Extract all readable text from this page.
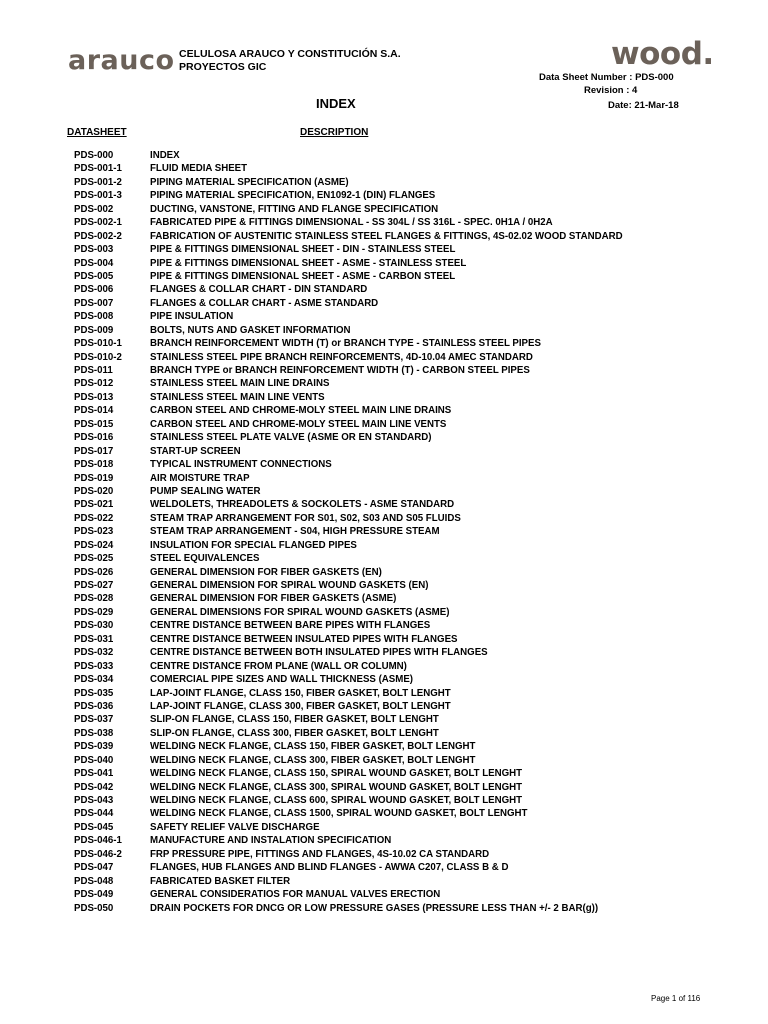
arauco CELULOSA ARAUCO Y CONSTITUCIÓN S.A.
PROYECTOS GIC	wood.
Data Sheet Number : PDS-000
Revision : 4
Date: 21-Mar-18
INDEX
DATASHEET	DESCRIPTION
PDS-000	INDEX
PDS-001-1	FLUID MEDIA SHEET
PDS-001-2	PIPING MATERIAL SPECIFICATION (ASME)
PDS-001-3	PIPING MATERIAL SPECIFICATION, EN1092-1 (DIN) FLANGES
PDS-002	DUCTING, VANSTONE, FITTING AND FLANGE SPECIFICATION
PDS-002-1	FABRICATED PIPE & FITTINGS DIMENSIONAL - SS 304L / SS 316L - SPEC. 0H1A / 0H2A
PDS-002-2	FABRICATION OF AUSTENITIC STAINLESS STEEL FLANGES & FITTINGS, 4S-02.02 WOOD STANDARD
PDS-003	PIPE & FITTINGS DIMENSIONAL SHEET - DIN - STAINLESS STEEL
PDS-004	PIPE & FITTINGS DIMENSIONAL SHEET - ASME - STAINLESS STEEL
PDS-005	PIPE & FITTINGS DIMENSIONAL SHEET - ASME - CARBON STEEL
PDS-006	FLANGES & COLLAR CHART - DIN STANDARD
PDS-007	FLANGES & COLLAR CHART - ASME STANDARD
PDS-008	PIPE INSULATION
PDS-009	BOLTS, NUTS AND GASKET INFORMATION
PDS-010-1	BRANCH REINFORCEMENT WIDTH (T) or BRANCH TYPE - STAINLESS STEEL PIPES
PDS-010-2	STAINLESS STEEL PIPE BRANCH REINFORCEMENTS, 4D-10.04 AMEC STANDARD
PDS-011	BRANCH TYPE or BRANCH REINFORCEMENT WIDTH (T) - CARBON STEEL PIPES
PDS-012	STAINLESS STEEL MAIN LINE DRAINS
PDS-013	STAINLESS STEEL MAIN LINE VENTS
PDS-014	CARBON STEEL AND CHROME-MOLY STEEL MAIN LINE DRAINS
PDS-015	CARBON STEEL AND CHROME-MOLY STEEL MAIN LINE VENTS
PDS-016	STAINLESS STEEL PLATE VALVE (ASME OR EN STANDARD)
PDS-017	START-UP SCREEN
PDS-018	TYPICAL INSTRUMENT CONNECTIONS
PDS-019	AIR MOISTURE TRAP
PDS-020	PUMP SEALING WATER
PDS-021	WELDOLETS, THREADOLETS & SOCKOLETS - ASME STANDARD
PDS-022	STEAM TRAP ARRANGEMENT FOR S01, S02, S03 AND S05 FLUIDS
PDS-023	STEAM TRAP ARRANGEMENT - S04, HIGH PRESSURE STEAM
PDS-024	INSULATION FOR SPECIAL FLANGED PIPES
PDS-025	STEEL EQUIVALENCES
PDS-026	GENERAL DIMENSION FOR FIBER GASKETS (EN)
PDS-027	GENERAL DIMENSION FOR SPIRAL WOUND GASKETS (EN)
PDS-028	GENERAL DIMENSION FOR FIBER GASKETS (ASME)
PDS-029	GENERAL DIMENSIONS FOR SPIRAL WOUND GASKETS (ASME)
PDS-030	CENTRE DISTANCE BETWEEN BARE PIPES WITH FLANGES
PDS-031	CENTRE DISTANCE BETWEEN INSULATED PIPES WITH FLANGES
PDS-032	CENTRE DISTANCE BETWEEN BOTH INSULATED PIPES WITH FLANGES
PDS-033	CENTRE DISTANCE FROM PLANE (WALL OR COLUMN)
PDS-034	COMERCIAL PIPE SIZES AND WALL THICKNESS (ASME)
PDS-035	LAP-JOINT FLANGE, CLASS 150, FIBER GASKET, BOLT LENGHT
PDS-036	LAP-JOINT FLANGE, CLASS 300, FIBER GASKET, BOLT LENGHT
PDS-037	SLIP-ON FLANGE, CLASS 150, FIBER GASKET, BOLT LENGHT
PDS-038	SLIP-ON FLANGE, CLASS 300, FIBER GASKET, BOLT LENGHT
PDS-039	WELDING NECK FLANGE, CLASS 150, FIBER GASKET, BOLT LENGHT
PDS-040	WELDING NECK FLANGE, CLASS 300, FIBER GASKET, BOLT LENGHT
PDS-041	WELDING NECK FLANGE, CLASS 150, SPIRAL WOUND GASKET, BOLT LENGHT
PDS-042	WELDING NECK FLANGE, CLASS 300, SPIRAL WOUND GASKET, BOLT LENGHT
PDS-043	WELDING NECK FLANGE, CLASS 600, SPIRAL WOUND GASKET, BOLT LENGHT
PDS-044	WELDING NECK FLANGE, CLASS 1500, SPIRAL WOUND GASKET, BOLT LENGHT
PDS-045	SAFETY RELIEF VALVE DISCHARGE
PDS-046-1	MANUFACTURE AND INSTALATION SPECIFICATION
PDS-046-2	FRP PRESSURE PIPE, FITTINGS AND FLANGES, 4S-10.02 CA STANDARD
PDS-047	FLANGES, HUB FLANGES AND BLIND FLANGES - AWWA C207, CLASS B & D
PDS-048	FABRICATED BASKET FILTER
PDS-049	GENERAL CONSIDERATIOS FOR MANUAL VALVES ERECTION
PDS-050	DRAIN POCKETS FOR DNCG OR LOW PRESSURE GASES (PRESSURE LESS THAN +/- 2 BAR(g))
Page 1 of 116
